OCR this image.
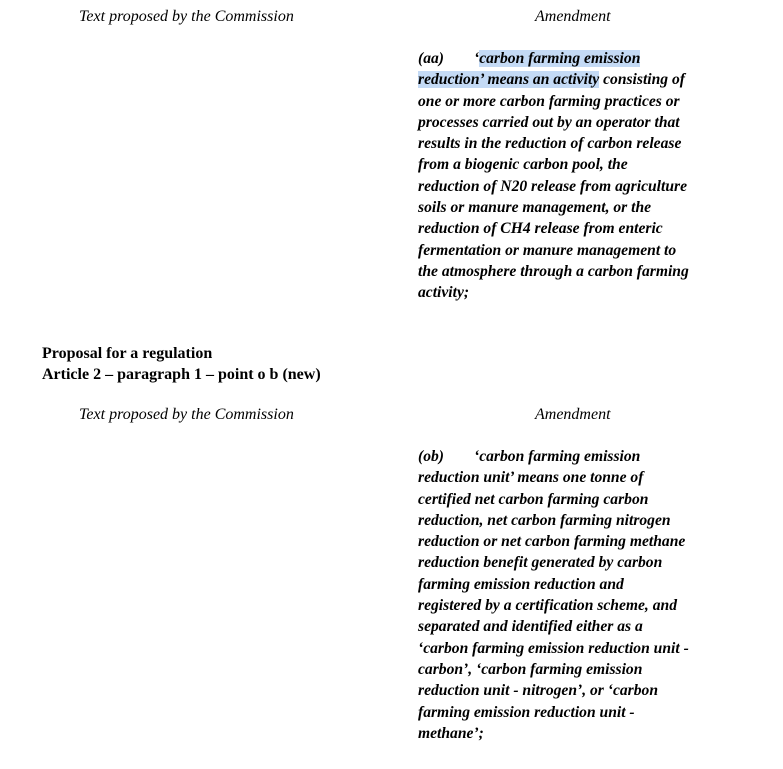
Text proposed by the Commission	Amendment
(aa) ‘carbon farming emission
reduction’ means an activity consisting of
one or more carbon farming practices or
processes carried out by an operator that
results in the reduction of carbon release
from a biogenic carbon pool, the
reduction of N20 release from agriculture
soils or manure management, or the
reduction of CH4 release from enteric
fermentation or manure management to
the atmosphere through a carbon farming
activity;
Proposal for a regulation
Article 2 – paragraph 1 – point o b (new)
Text proposed by the Commission	Amendment
(ob) ‘carbon farming emission
reduction unit’ means one tonne of
certified net carbon farming carbon
reduction, net carbon farming nitrogen
reduction or net carbon farming methane
reduction benefit generated by carbon
farming emission reduction and
registered by a certification scheme, and
separated and identified either as a
‘carbon farming emission reduction unit -
carbon’, ‘carbon farming emission
reduction unit - nitrogen’, or ‘carbon
farming emission reduction unit -
methane’;
